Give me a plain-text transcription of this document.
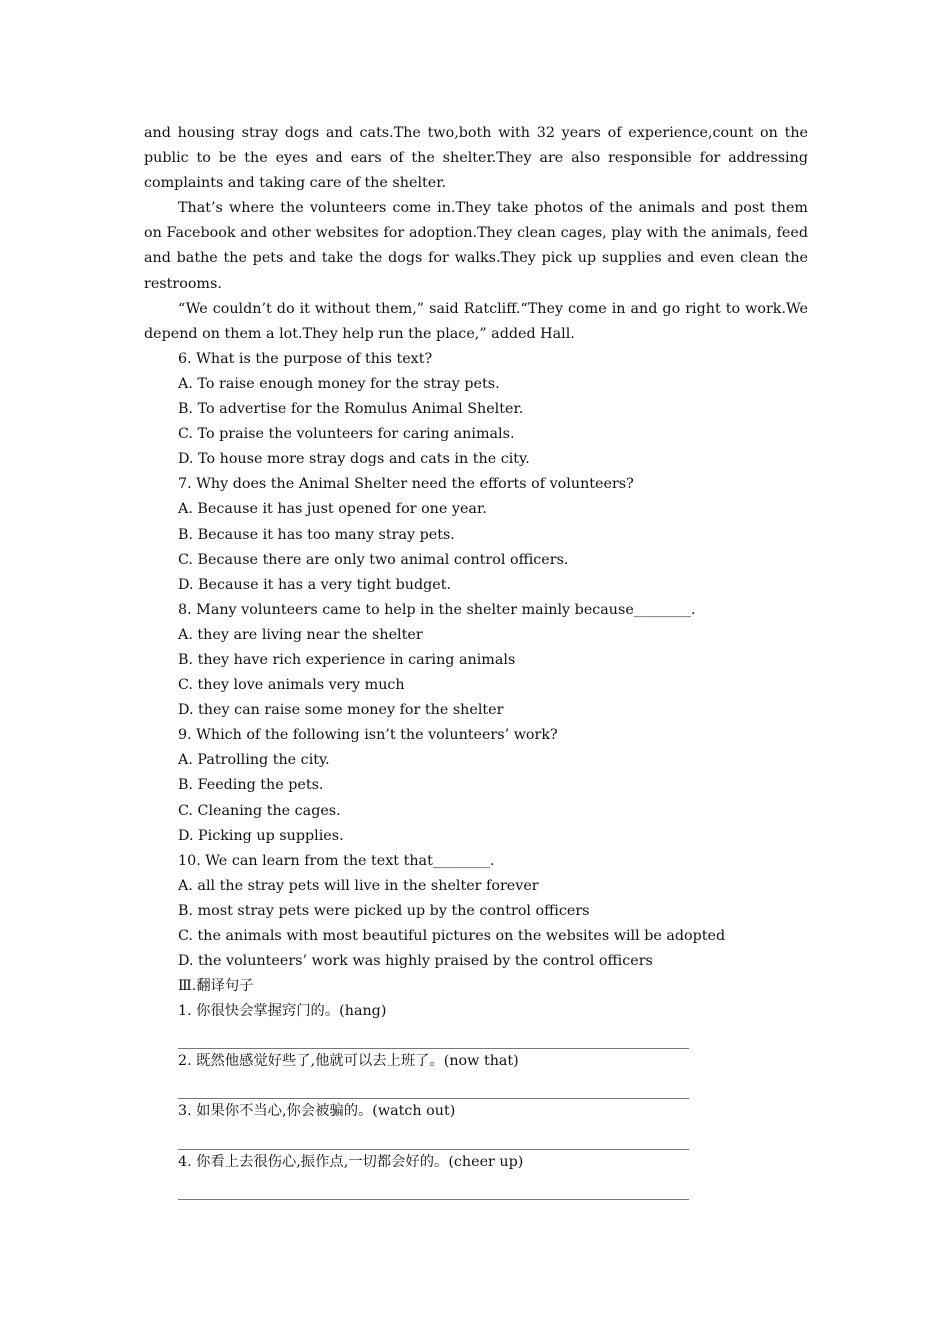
and housing stray dogs and cats.The two,both with 32 years of experience,count on the public to be the eyes and ears of the shelter.They are also responsible for addressing complaints and taking care of the shelter.

That’s where the volunteers come in.They take photos of the animals and post them on Facebook and other websites for adoption.They clean cages, play with the animals, feed and bathe the pets and take the dogs for walks.They pick up supplies and even clean the restrooms.

“We couldn’t do it without them,” said Ratcliff.“They come in and go right to work.We depend on them a lot.They help run the place,” added Hall.

6. What is the purpose of this text?

A. To raise enough money for the stray pets.

B. To advertise for the Romulus Animal Shelter.

C. To praise the volunteers for caring animals.

D. To house more stray dogs and cats in the city.

7. Why does the Animal Shelter need the efforts of volunteers?

A. Because it has just opened for one year.

B. Because it has too many stray pets.

C. Because there are only two animal control officers.

D. Because it has a very tight budget.

8. Many volunteers came to help in the shelter mainly because________.

A. they are living near the shelter

B. they have rich experience in caring animals

C. they love animals very much

D. they can raise some money for the shelter

9. Which of the following isn’t the volunteers’ work?

A. Patrolling the city.

B. Feeding the pets.

C. Cleaning the cages.

D. Picking up supplies.

10. We can learn from the text that________.

A. all the stray pets will live in the shelter forever

B. most stray pets were picked up by the control officers

C. the animals with most beautiful pictures on the websites will be adopted

D. the volunteers’ work was highly praised by the control officers

Ⅲ.翻译句子

1. 你很快会掌握窍门的。(hang)

2. 既然他感觉好些了,他就可以去上班了。(now that)

3. 如果你不当心,你会被骗的。(watch out)

4. 你看上去很伤心,振作点,一切都会好的。(cheer up)
